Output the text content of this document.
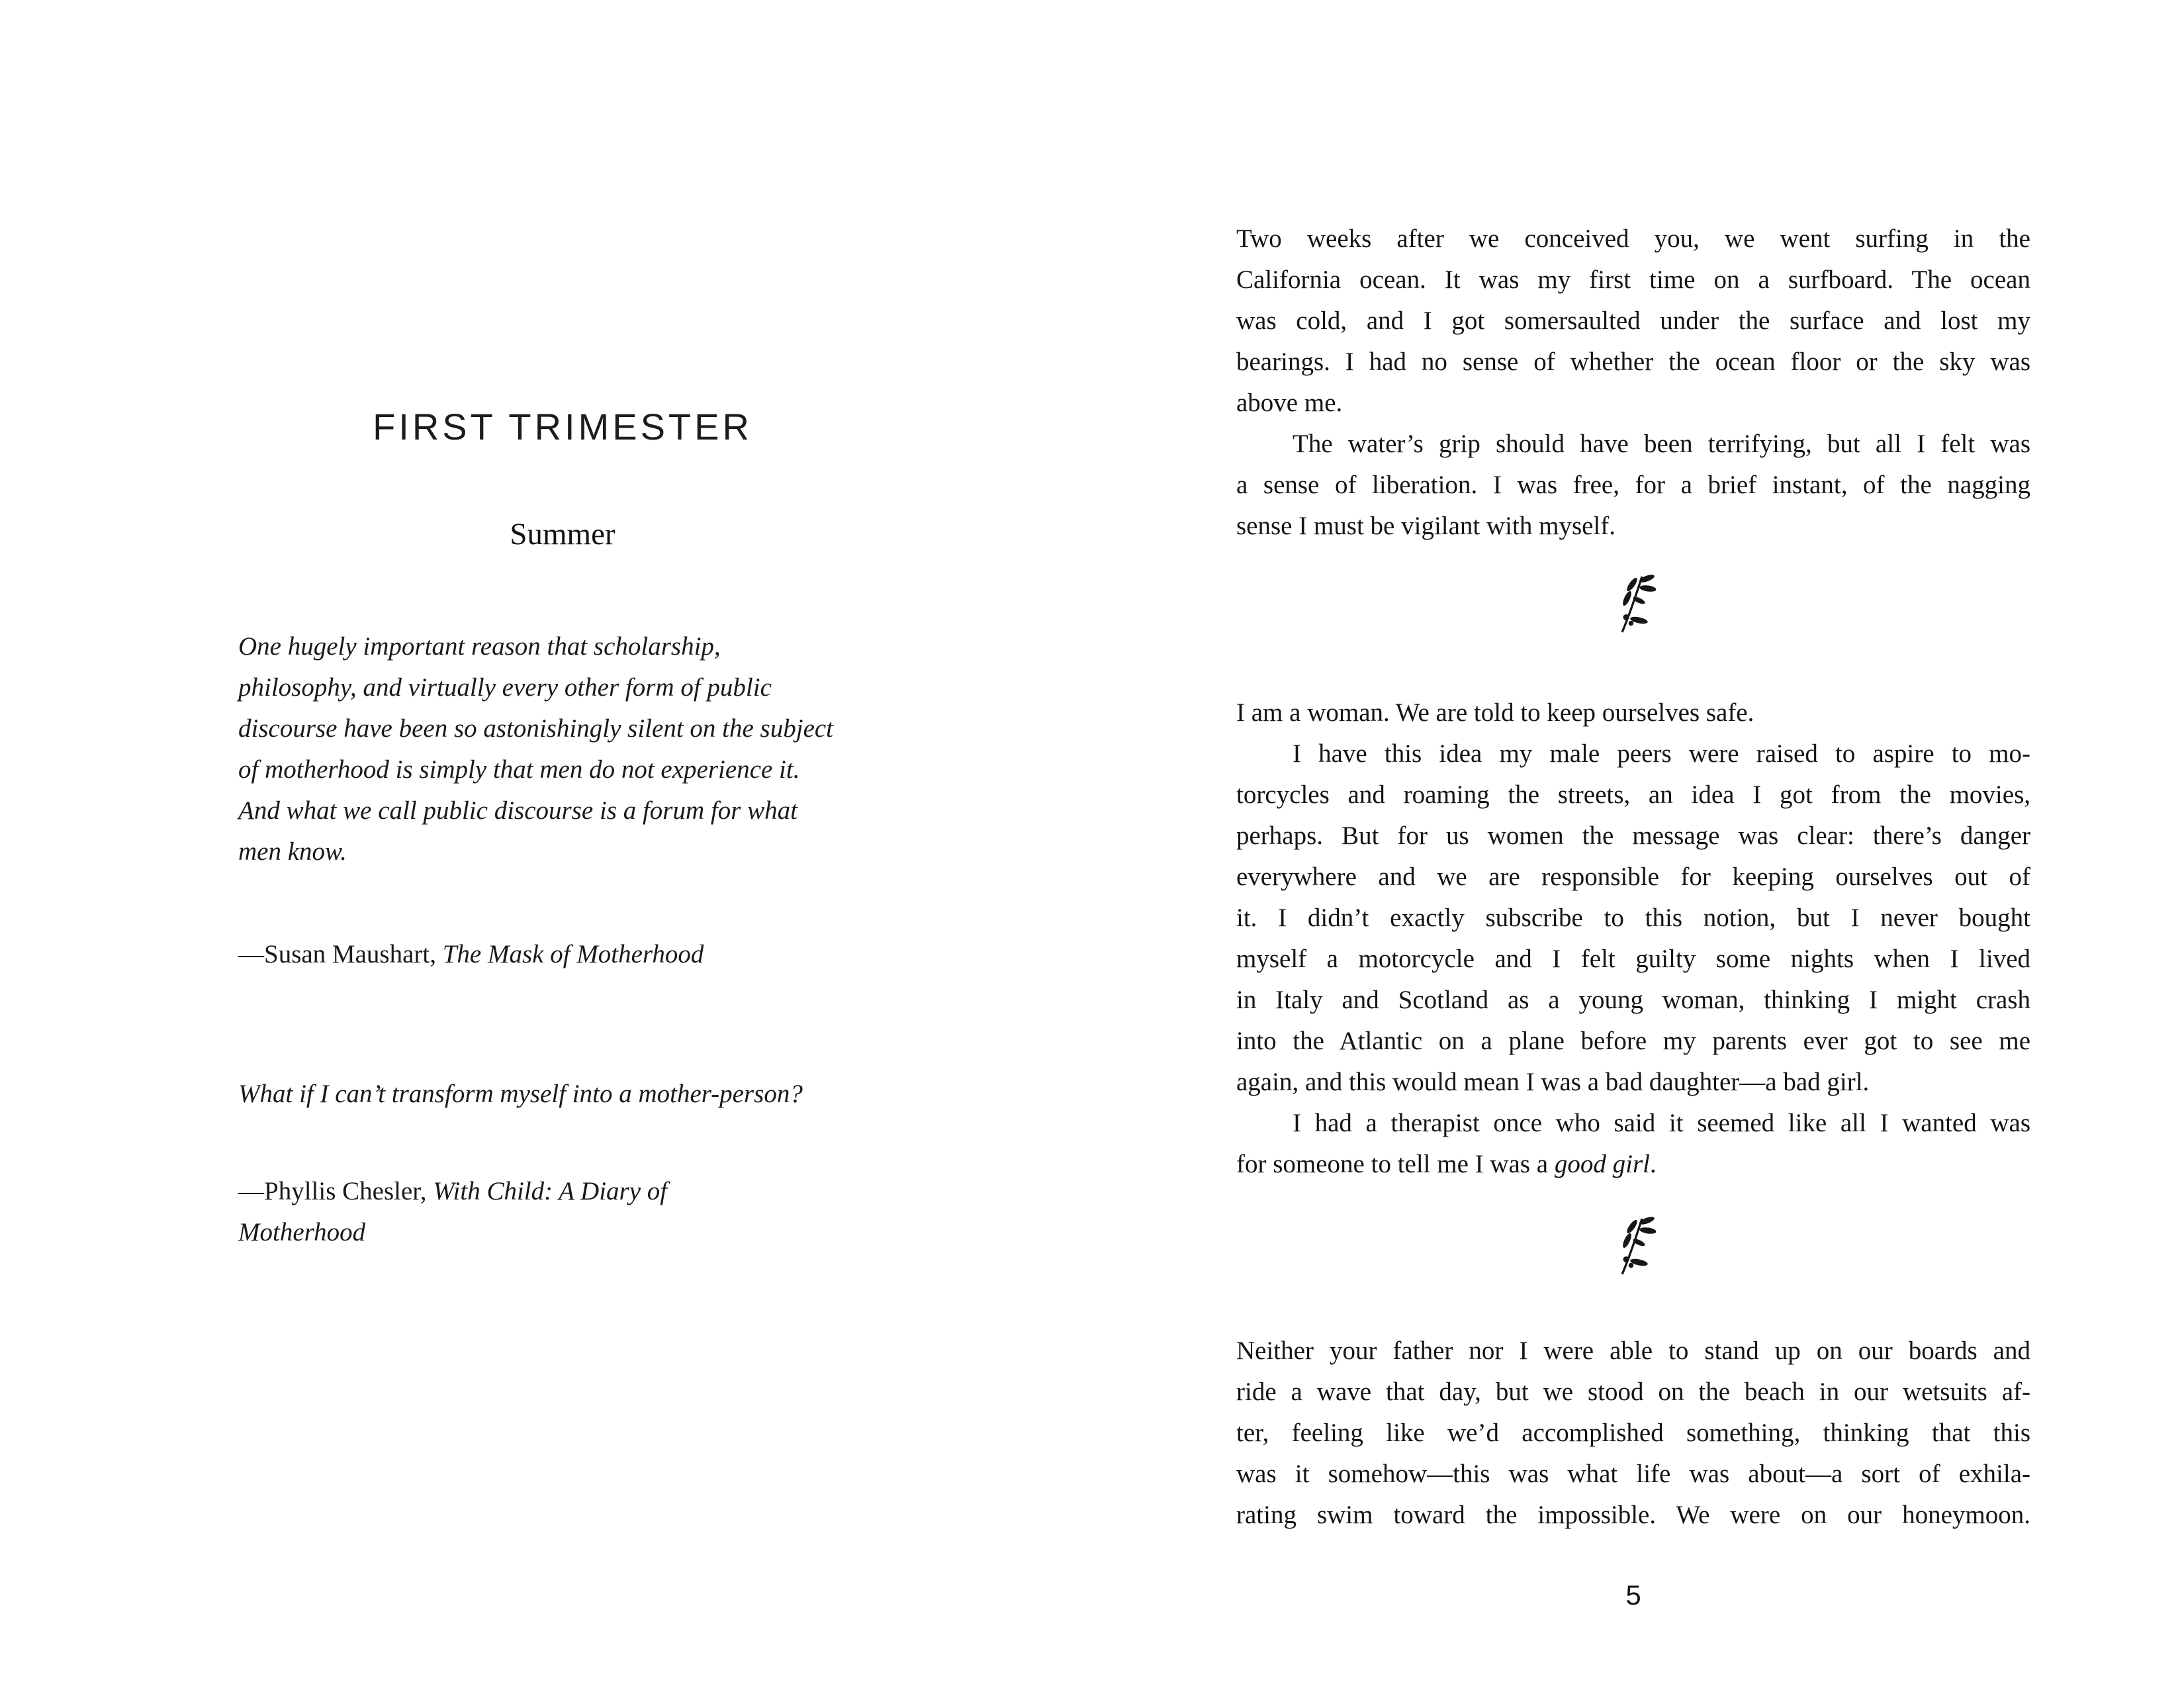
FIRST TRIMESTER
Summer
One hugely important reason that scholarship,
philosophy, and virtually every other form of public
discourse have been so astonishingly silent on the subject
of motherhood is simply that men do not experience it.
And what we call public discourse is a forum for what
men know.

—Susan Maushart, The Mask of Motherhood

What if I can’t transform myself into a mother-person?

—Phyllis Chesler, With Child: A Diary of
Motherhood

Two weeks after we conceived you, we went surfing in the
California ocean. It was my first time on a surfboard. The ocean
was cold, and I got somersaulted under the surface and lost my
bearings. I had no sense of whether the ocean floor or the sky was
above me.
The water’s grip should have been terrifying, but all I felt was
a sense of liberation. I was free, for a brief instant, of the nagging
sense I must be vigilant with myself.
I am a woman. We are told to keep ourselves safe.
I have this idea my male peers were raised to aspire to mo-
torcycles and roaming the streets, an idea I got from the movies,
perhaps. But for us women the message was clear: there’s danger
everywhere and we are responsible for keeping ourselves out of
it. I didn’t exactly subscribe to this notion, but I never bought
myself a motorcycle and I felt guilty some nights when I lived
in Italy and Scotland as a young woman, thinking I might crash
into the Atlantic on a plane before my parents ever got to see me
again, and this would mean I was a bad daughter—a bad girl.
I had a therapist once who said it seemed like all I wanted was
for someone to tell me I was a good girl.
Neither your father nor I were able to stand up on our boards and
ride a wave that day, but we stood on the beach in our wetsuits af-
ter, feeling like we’d accomplished something, thinking that this
was it somehow—this was what life was about—a sort of exhila-
rating swim toward the impossible. We were on our honeymoon.
5
